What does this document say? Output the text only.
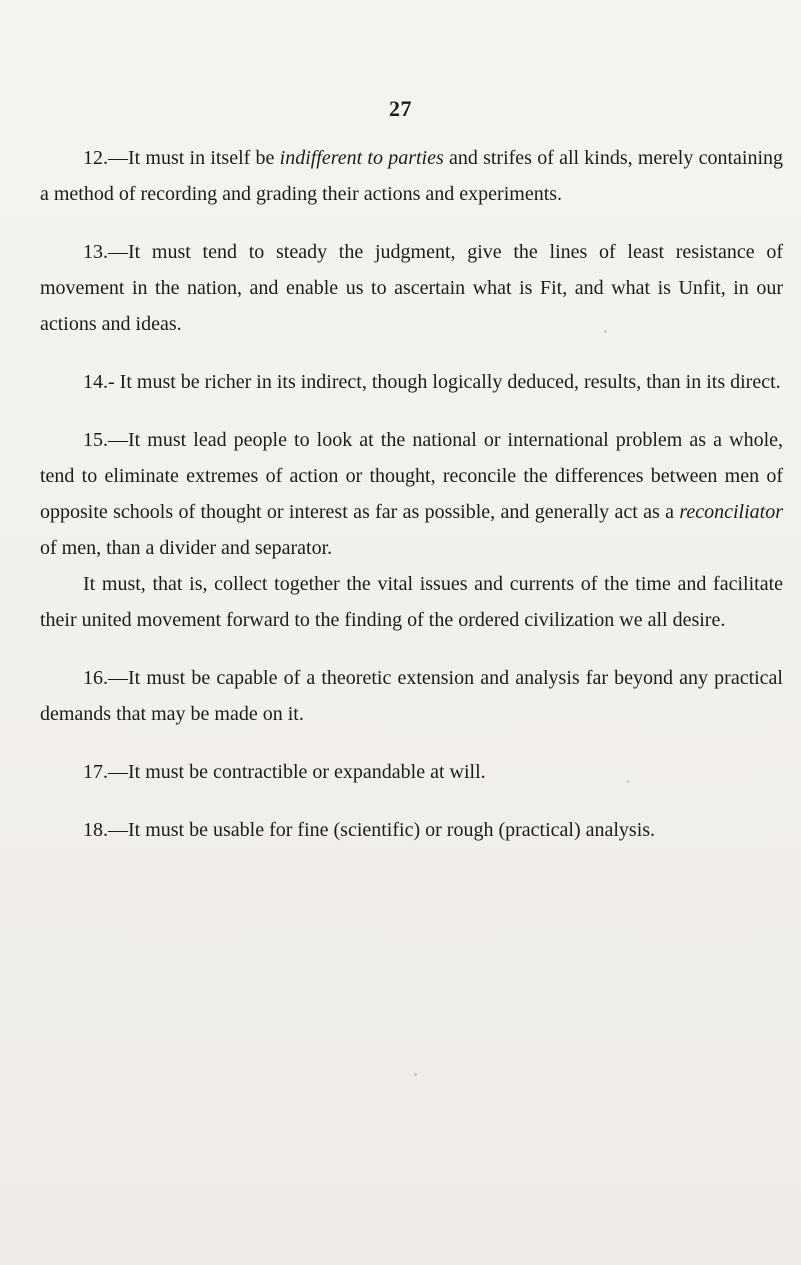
27

12.—It must in itself be indifferent to parties and strifes of all kinds, merely containing a method of recording and grading their actions and experiments.

13.—It must tend to steady the judgment, give the lines of least resistance of movement in the nation, and enable us to ascertain what is Fit, and what is Unfit, in our actions and ideas.

14.- It must be richer in its indirect, though logically deduced, results, than in its direct.

15.—It must lead people to look at the national or international problem as a whole, tend to eliminate extremes of action or thought, reconcile the differences between men of opposite schools of thought or interest as far as possible, and generally act as a reconciliator of men, than a divider and separator.

It must, that is, collect together the vital issues and currents of the time and facilitate their united movement forward to the finding of the ordered civilization we all desire.

16.—It must be capable of a theoretic extension and analysis far beyond any practical demands that may be made on it.

17.—It must be contractible or expandable at will.

18.—It must be usable for fine (scientific) or rough (practical) analysis.
